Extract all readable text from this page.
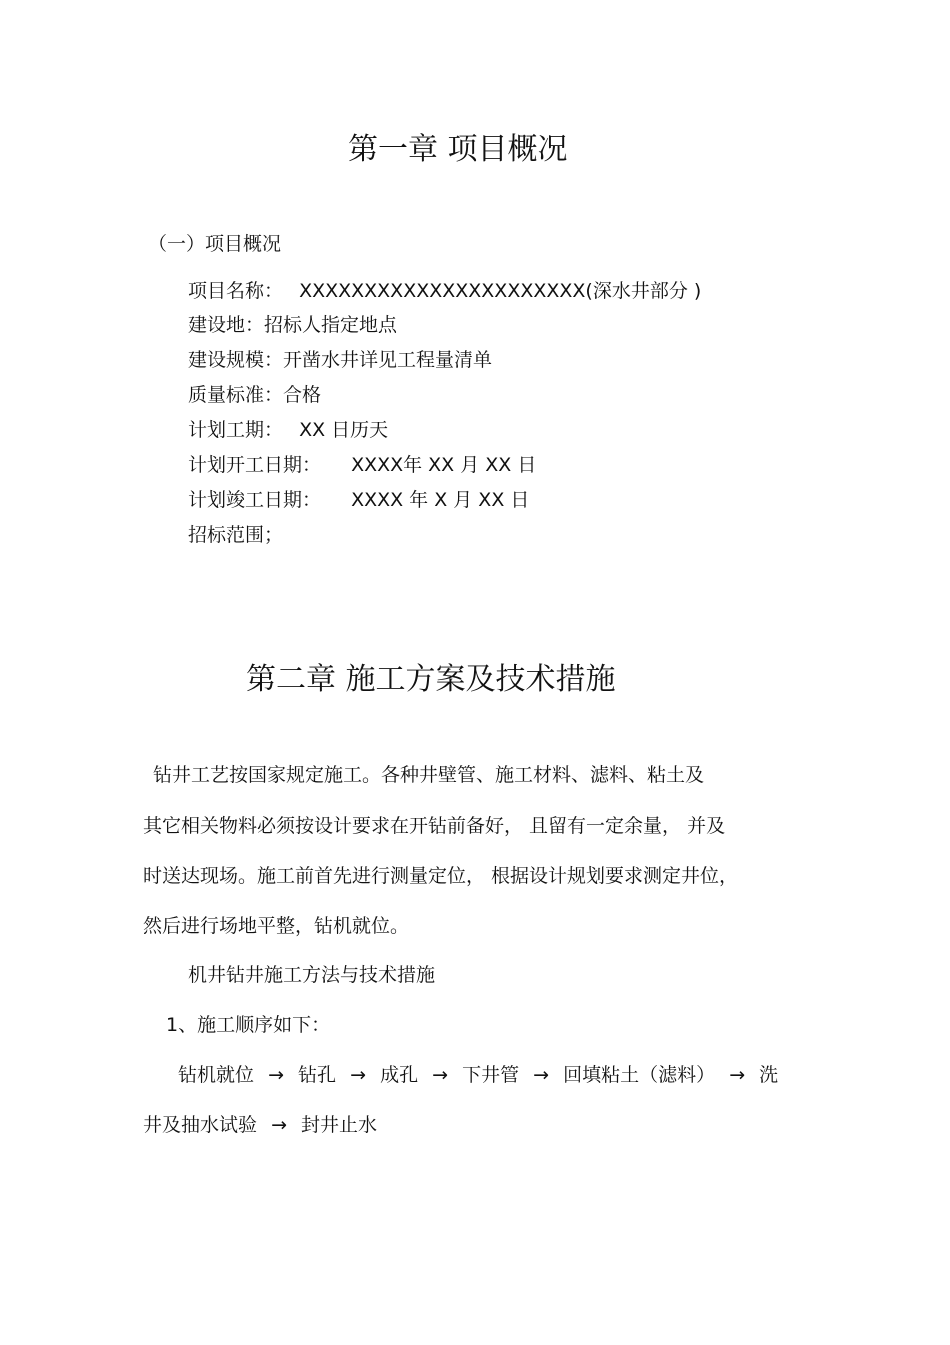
第一章 项目概况
（一）项目概况
项目名称： XXXXXXXXXXXXXXXXXXXXXX(深水井部分 )
建设地：招标人指定地点
建设规模：开凿水井详见工程量清单
质量标准：合格
计划工期： XX 日历天
计划开工日期： XXXX年 XX 月 XX 日
计划竣工日期： XXXX 年 X 月 XX 日
招标范围；
第二章 施工方案及技术措施
钻井工艺按国家规定施工。各种井壁管、施工材料、滤料、粘土及
其它相关物料必须按设计要求在开钻前备好， 且留有一定余量， 并及
时送达现场。施工前首先进行测量定位， 根据设计规划要求测定井位，
然后进行场地平整，钻机就位。
机井钻井施工方法与技术措施
1、施工顺序如下：
钻机就位 → 钻孔 → 成孔 → 下井管 → 回填粘土（滤料） → 洗
井及抽水试验 → 封井止水
